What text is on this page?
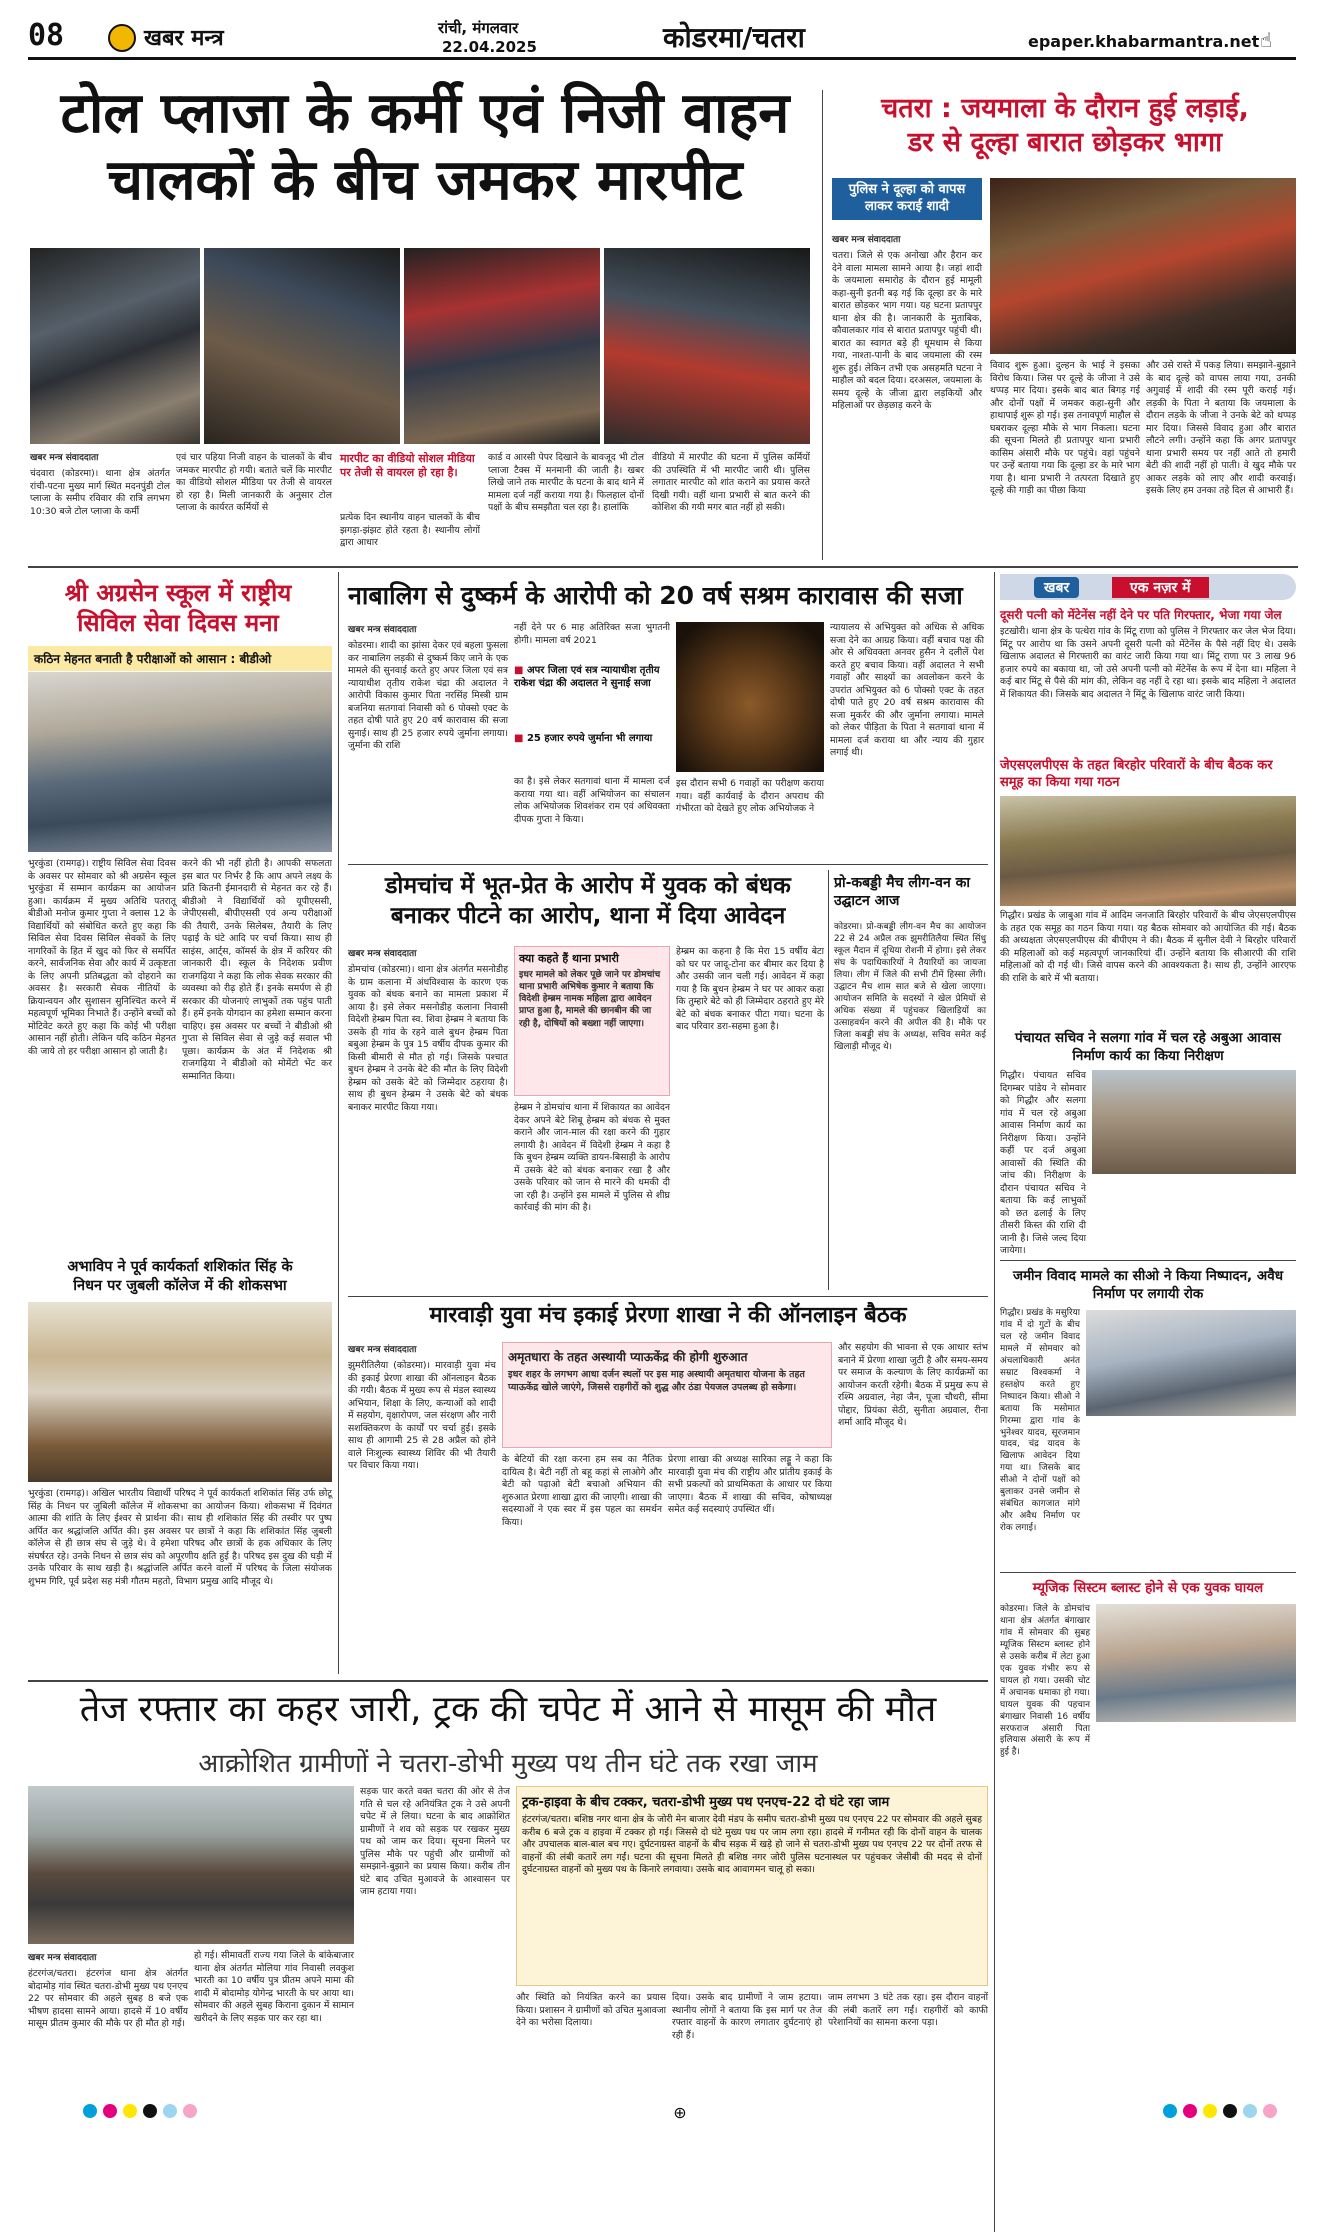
08	खबर मन्त्र	रांची, मंगलवार
22.04.2025	कोडरमा/चतरा	epaper.khabarmantra.net ☝
टोल प्लाजा के कर्मी एवं निजी वाहन
चालकों के बीच जमकर मारपीट
खबर मन्त्र संवाददाता

चंदवारा (कोडरमा)। थाना क्षेत्र अंतर्गत रांची-पटना मुख्य मार्ग स्थित मदनपुंडी टोल प्लाजा के समीप रविवार की रात्रि लगभग 10:30 बजे टोल प्लाजा के कर्मी

एवं चार पहिया निजी वाहन के चालकों के बीच जमकर मारपीट हो गयी। बताते चलें कि मारपीट का वीडियो सोशल मीडिया पर तेजी से वायरल हो रहा है। मिली जानकारी के अनुसार टोल प्लाजा के कार्यरत कर्मियों से

मारपीट का वीडियो सोशल मीडिया पर तेजी से वायरल हो रहा है।

प्रत्येक दिन स्थानीय वाहन चालकों के बीच झगड़ा-झंझट होते रहता है। स्थानीय लोगों द्वारा आधार

कार्ड व आरसी पेपर दिखाने के बावजूद भी टोल प्लाजा टैक्स में मनमानी की जाती है। खबर लिखे जाने तक मारपीट के घटना के बाद थाने में मामला दर्ज नहीं कराया गया है। फिलहाल दोनों पक्षों के बीच समझौता चल रहा है। हालांकि

वीडियो में मारपीट की घटना में पुलिस कर्मियों की उपस्थिति में भी मारपीट जारी थी। पुलिस लगातार मारपीट को शांत कराने का प्रयास करते दिखी गयी। वहीं थाना प्रभारी से बात करने की कोशिश की गयी मगर बात नहीं हो सकी।

चतरा : जयमाला के दौरान हुई लड़ाई,
डर से दूल्हा बारात छोड़कर भागा
पुलिस ने दूल्हा को वापस लाकर कराई शादी
खबर मन्त्र संवाददाता

चतरा। जिले से एक अनोखा और हैरान कर देने वाला मामला सामने आया है। जहां शादी के जयमाला समारोह के दौरान हुई मामूली कहा-सुनी इतनी बढ़ गई कि दूल्हा डर के मारे बारात छोड़कर भाग गया। यह घटना प्रतापपुर थाना क्षेत्र की है। जानकारी के मुताबिक, कौवालकार गांव से बारात प्रतापपुर पहुंची थी। बारात का स्वागत बड़े ही धूमधाम से किया गया, नाश्ता-पानी के बाद जयमाला की रस्म शुरू हुई। लेकिन तभी एक असहमति घटना ने माहौल को बदल दिया। दरअसल, जयमाला के समय दूल्हे के जीजा द्वारा लड़कियों और महिलाओं पर छेड़छाड़ करने के

विवाद शुरू हुआ। दुल्हन के भाई ने इसका विरोध किया। जिस पर दूल्हे के जीजा ने उसे थप्पड़ मार दिया। इसके बाद बात बिगड़ गई और दोनों पक्षों में जमकर कहा-सुनी और हाथापाई शुरू हो गई। इस तनावपूर्ण माहौल से घबराकर दूल्हा मौके से भाग निकला। घटना की सूचना मिलते ही प्रतापपुर थाना प्रभारी कासिम अंसारी मौके पर पहुंचे। वहां पहुंचने पर उन्हें बताया गया कि दूल्हा डर के मारे भाग गया है। थाना प्रभारी ने तत्परता दिखाते हुए दूल्हे की गाड़ी का पीछा किया

और उसे रास्ते में पकड़ लिया। समझाने-बुझाने के बाद दूल्हे को वापस लाया गया, उनकी अगुवाई में शादी की रस्म पूरी कराई गई। लड़की के पिता ने बताया कि जयमाला के दौरान लड़के के जीजा ने उनके बेटे को थप्पड़ मार दिया। जिससे विवाद हुआ और बारात लौटने लगी। उन्होंने कहा कि अगर प्रतापपुर थाना प्रभारी समय पर नहीं आते तो हमारी बेटी की शादी नहीं हो पाती। वे खुद मौके पर आकर लड़के को लाए और शादी करवाई। इसके लिए हम उनका तहे दिल से आभारी हैं।

श्री अग्रसेन स्कूल में राष्ट्रीय
सिविल सेवा दिवस मना
कठिन मेहनत बनाती है परीक्षाओं को आसान : बीडीओ

भुरकुंडा (रामगढ़)। राष्ट्रीय सिविल सेवा दिवस के अवसर पर सोमवार को श्री अग्रसेन स्कूल भुरकुंडा में सम्मान कार्यक्रम का आयोजन हुआ। कार्यक्रम में मुख्य अतिथि पतरातू बीडीओ मनोज कुमार गुप्ता ने क्लास 12 के विद्यार्थियों को संबोधित करते हुए कहा कि सिविल सेवा दिवस सिविल सेवकों के लिए नागरिकों के हित में खुद को फिर से समर्पित करने, सार्वजनिक सेवा और कार्य में उत्कृष्टता के लिए अपनी प्रतिबद्धता को दोहराने का अवसर है। सरकारी सेवक नीतियों के क्रियान्वयन और सुशासन सुनिश्चित करने में महत्वपूर्ण भूमिका निभाते हैं। उन्होंने बच्चों को मोटिवेट करते हुए कहा कि कोई भी परीक्षा आसान नहीं होती। लेकिन यदि कठिन मेहनत की जाये तो हर परीक्षा आसान हो जाती है।

करने की भी नहीं होती है। आपकी सफलता इस बात पर निर्भर है कि आप अपने लक्ष्य के प्रति कितनी ईमानदारी से मेहनत कर रहे हैं। बीडीओ ने विद्यार्थियों को यूपीएससी, जेपीएससी, बीपीएससी एवं अन्य परीक्षाओं की तैयारी, उनके सिलेबस, तैयारी के लिए पढ़ाई के घंटे आदि पर चर्चा किया। साथ ही साइंस, आर्ट्स, कॉमर्स के क्षेत्र में करियर की जानकारी दी। स्कूल के निदेशक प्रवीण राजगढ़िया ने कहा कि लोक सेवक सरकार की व्यवस्था को रीढ़ होते हैं। इनके समर्पण से ही सरकार की योजनाएं लाभुकों तक पहुंच पाती हैं। हमें इनके योगदान का हमेशा सम्मान करना चाहिए। इस अवसर पर बच्चों ने बीडीओ श्री गुप्ता से सिविल सेवा से जुड़े कई सवाल भी पूछा। कार्यक्रम के अंत में निदेशक श्री राजगढ़िया ने बीडीओ को मोमेंटो भेंट कर सम्मानित किया।

अभाविप ने पूर्व कार्यकर्ता शशिकांत सिंह के
निधन पर जुबली कॉलेज में की शोकसभा

भुरकुंडा (रामगढ़)। अखिल भारतीय विद्यार्थी परिषद ने पूर्व कार्यकर्ता शशिकांत सिंह उर्फ छोटू सिंह के निधन पर जुबिली कॉलेज में शोकसभा का आयोजन किया। शोकसभा में दिवंगत आत्मा की शांति के लिए ईश्वर से प्रार्थना की। साथ ही शशिकांत सिंह की तस्वीर पर पुष्प अर्पित कर श्रद्धांजलि अर्पित की। इस अवसर पर छात्रों ने कहा कि शशिकांत सिंह जुबली कॉलेज से ही छात्र संघ से जुड़े थे। वे हमेशा परिषद और छात्रों के हक अधिकार के लिए संघर्षरत रहे। उनके निधन से छात्र संघ को अपूरणीय क्षति हुई है। परिषद इस दुख की घड़ी में उनके परिवार के साथ खड़ी है। श्रद्धांजलि अर्पित करने वालों में परिषद के जिला संयोजक शुभम गिरि, पूर्व प्रदेश सह मंत्री गौतम महतो, विभाग प्रमुख आदि मौजूद थे।

नाबालिग से दुष्कर्म के आरोपी को 20 वर्ष सश्रम कारावास की सजा
खबर मन्त्र संवाददाता

कोडरमा। शादी का झांसा देकर एवं बहला फुसला कर नाबालिग लड़की से दुष्कर्म किए जाने के एक मामले की सुनवाई करते हुए अपर जिला एवं सत्र न्यायाधीश तृतीय राकेश चंद्रा की अदालत ने आरोपी विकास कुमार पिता नरसिंह मिस्त्री ग्राम बजनिया सतगावां निवासी को 6 पोक्सो एक्ट के तहत दोषी पाते हुए 20 वर्ष कारावास की सजा सुनाई। साथ ही 25 हजार रुपये जुर्माना लगाया। जुर्माना की राशि

नहीं देने पर 6 माह अतिरिक्त सजा भुगतनी होगी। मामला वर्ष 2021

■ अपर जिला एवं सत्र न्यायाधीश तृतीय राकेश चंद्रा की अदालत ने सुनाई सजा
■ 25 हजार रुपये जुर्माना भी लगाया

का है। इसे लेकर सतगावां थाना में मामला दर्ज कराया गया था। वहीं अभियोजन का संचालन लोक अभियोजक शिवशंकर राम एवं अधिवक्ता दीपक गुप्ता ने किया।

इस दौरान सभी 6 गवाहों का परीक्षण कराया गया। वहीं कार्यवाई के दौरान अपराध की गंभीरता को देखते हुए लोक अभियोजक ने

न्यायालय से अभियुक्त को अधिक से अधिक सजा देने का आग्रह किया। वहीं बचाव पक्ष की ओर से अधिवक्ता अनवर हुसैन ने दलीलें पेश करते हुए बचाव किया। वहीं अदालत ने सभी गवाहों और साक्ष्यों का अवलोकन करने के उपरांत अभियुक्त को 6 पोक्सो एक्ट के तहत दोषी पाते हुए 20 वर्ष सश्रम कारावास की सजा मुकर्रर की और जुर्माना लगाया। मामले को लेकर पीड़िता के पिता ने सतगावां थाना में मामला दर्ज कराया था और न्याय की गुहार लगाई थी।

डोमचांच में भूत-प्रेत के आरोप में युवक को बंधक
बनाकर पीटने का आरोप, थाना में दिया आवेदन
खबर मन्त्र संवाददाता

डोमचांच (कोडरमा)। थाना क्षेत्र अंतर्गत मसनोडीह के ग्राम कलाना में अंधविश्वास के कारण एक युवक को बंधक बनाने का मामला प्रकाश में आया है। इसे लेकर मसनोडीह कलाना निवासी विदेशी हेम्ब्रम पिता स्व. शिवा हेम्ब्रम ने बताया कि उसके ही गांव के रहने वाले बुधन हेम्ब्रम पिता बबुआ हेम्ब्रम के पुत्र 15 वर्षीय दीपक कुमार की किसी बीमारी से मौत हो गई। जिसके पश्चात बुधन हेम्ब्रम ने उनके बेटे की मौत के लिए विदेशी हेम्ब्रम को उसके बेटे को जिम्मेदार ठहराया है। साथ ही बुधन हेम्ब्रम ने उसके बेटे को बंधक बनाकर मारपीट किया गया।

क्या कहते हैं थाना प्रभारी
इधर मामले को लेकर पूछे जाने पर डोमचांच थाना प्रभारी अभिषेक कुमार ने बताया कि विदेशी हेम्ब्रम नामक महिला द्वारा आवेदन प्राप्त हुआ है, मामले की छानबीन की जा रही है, दोषियों को बख्शा नहीं जाएगा।

हेम्ब्रम ने डोमचांच थाना में शिकायत का आवेदन देकर अपने बेटे शिबू हेम्ब्रम को बंधक से मुक्त कराने और जान-माल की रक्षा करने की गुहार लगायी है। आवेदन में विदेशी हेम्ब्रम ने कहा है कि बुधन हेम्ब्रम व्यक्ति डायन-बिसाही के आरोप में उसके बेटे को बंधक बनाकर रखा है और उसके परिवार को जान से मारने की धमकी दी जा रही है। उन्होंने इस मामले में पुलिस से शीघ्र कार्रवाई की मांग की है।

हेम्ब्रम का कहना है कि मेरा 15 वर्षीय बेटा को घर पर जादू-टोना कर बीमार कर दिया है और उसकी जान चली गई। आवेदन में कहा गया है कि बुधन हेम्ब्रम ने घर पर आकर कहा कि तुम्हारे बेटे को ही जिम्मेदार ठहराते हुए मेरे बेटे को बंधक बनाकर पीटा गया। घटना के बाद परिवार डरा-सहमा हुआ है।

प्रो-कबड्डी मैच लीग-वन का उद्घाटन आज

कोडरमा। प्रो-कबड्डी लीग-वन मैच का आयोजन 22 से 24 अप्रैल तक झुमरीतिलैया स्थित सिंधु स्कूल मैदान में दूधिया रोशनी में होगा। इसे लेकर संघ के पदाधिकारियों ने तैयारियों का जायजा लिया। लीग में जिले की सभी टीमें हिस्सा लेंगी। उद्घाटन मैच शाम सात बजे से खेला जाएगा। आयोजन समिति के सदस्यों ने खेल प्रेमियों से अधिक संख्या में पहुंचकर खिलाड़ियों का उत्साहवर्धन करने की अपील की है। मौके पर जिला कबड्डी संघ के अध्यक्ष, सचिव समेत कई खिलाड़ी मौजूद थे।

मारवाड़ी युवा मंच इकाई प्रेरणा शाखा ने की ऑनलाइन बैठक
खबर मन्त्र संवाददाता

झुमरीतिलैया (कोडरमा)। मारवाड़ी युवा मंच की इकाई प्रेरणा शाखा की ऑनलाइन बैठक की गयी। बैठक में मुख्य रूप से मंडल स्वास्थ्य अभियान, शिक्षा के लिए, कन्याओं को शादी में सहयोग, वृक्षारोपण, जल संरक्षण और नारी सशक्तिकरण के कार्यों पर चर्चा हुई। इसके साथ ही आगामी 25 से 28 अप्रैल को होने वाले निःशुल्क स्वास्थ्य शिविर की भी तैयारी पर विचार किया गया।

अमृतधारा के तहत अस्थायी प्याऊकेंद्र की होगी शुरुआत
इधर शहर के लगभग आधा दर्जन स्थलों पर इस माह अस्थायी अमृतधारा योजना के तहत प्याऊकेंद्र खोले जाएंगे, जिससे राहगीरों को शुद्ध और ठंडा पेयजल उपलब्ध हो सकेगा।

के बेटियों की रक्षा करना हम सब का नैतिक दायित्व है। बेटी नहीं तो बहू कहां से लाओगे और बेटी को पढ़ाओ बेटी बचाओ अभियान की शुरुआत प्रेरणा शाखा द्वारा की जाएगी। शाखा की सदस्याओं ने एक स्वर में इस पहल का समर्थन किया।

प्रेरणा शाखा की अध्यक्ष सारिका लड्डू ने कहा कि मारवाड़ी युवा मंच की राष्ट्रीय और प्रांतीय इकाई के सभी प्रकल्पों को प्राथमिकता के आधार पर किया जाएगा। बैठक में शाखा की सचिव, कोषाध्यक्ष समेत कई सदस्याएं उपस्थित थीं।

और सहयोग की भावना से एक आधार स्तंभ बनाने में प्रेरणा शाखा जुटी है और समय-समय पर समाज के कल्याण के लिए कार्यक्रमों का आयोजन करती रहेगी। बैठक में प्रमुख रूप से रश्मि अग्रवाल, नेहा जैन, पूजा चौधरी, सीमा पोद्दार, प्रियंका सेठी, सुनीता अग्रवाल, रीना शर्मा आदि मौजूद थे।

खबर	एक नज़र में
दूसरी पत्नी को मेंटेनेंस नहीं देने पर पति गिरफ्तार, भेजा गया जेल

इटखोरी। थाना क्षेत्र के पत्थेरा गांव के मिंटू राणा को पुलिस ने गिरफ्तार कर जेल भेज दिया। मिंटू पर आरोप था कि उसने अपनी दूसरी पत्नी को मेंटेनेंस के पैसे नहीं दिए थे। उसके खिलाफ अदालत से गिरफ्तारी का वारंट जारी किया गया था। मिंटू राणा पर 3 लाख 96 हजार रुपये का बकाया था, जो उसे अपनी पत्नी को मेंटेनेंस के रूप में देना था। महिला ने कई बार मिंटू से पैसे की मांग की, लेकिन वह नहीं दे रहा था। इसके बाद महिला ने अदालत में शिकायत की। जिसके बाद अदालत ने मिंटू के खिलाफ वारंट जारी किया।

जेएसएलपीएस के तहत बिरहोर परिवारों के बीच बैठक कर समूह का किया गया गठन

गिद्धौर। प्रखंड के जाबुआ गांव में आदिम जनजाति बिरहोर परिवारों के बीच जेएसएलपीएस के तहत एक समूह का गठन किया गया। यह बैठक सोमवार को आयोजित की गई। बैठक की अध्यक्षता जेएसएलपीएस की बीपीएम ने की। बैठक में सुनील देवी ने बिरहोर परिवारों की महिलाओं को कई महत्वपूर्ण जानकारियां दीं। उन्होंने बताया कि सीआरपी की राशि महिलाओं को दी गई थी। जिसे वापस करने की आवश्यकता है। साथ ही, उन्होंने आरएफ की राशि के बारे में भी बताया।

पंचायत सचिव ने सलगा गांव में चल रहे अबुआ आवास निर्माण कार्य का किया निरीक्षण

गिद्धौर। पंचायत सचिव दिगम्बर पांडेय ने सोमवार को गिद्धौर और सलगा गांव में चल रहे अबुआ आवास निर्माण कार्य का निरीक्षण किया। उन्होंने कहीं पर दर्ज अबुआ आवासों की स्थिति की जांच की। निरीक्षण के दौरान पंचायत सचिव ने बताया कि कई लाभुकों को छत ढलाई के लिए तीसरी किस्त की राशि दी जानी है। जिसे जल्द दिया जायेगा।

जमीन विवाद मामले का सीओ ने किया निष्पादन, अवैध निर्माण पर लगायी रोक

गिद्धौर। प्रखंड के मसुरिया गांव में दो गुटों के बीच चल रहे जमीन विवाद मामले में सोमवार को अंचलाधिकारी अनंत सम्राट विश्वकर्मा ने हस्तक्षेप करते हुए निष्पादन किया। सीओ ने बताया कि मसोमात गिरम्मा द्वारा गांव के भुनेश्वर यादव, सूरजमान यादव, चंद्र यादव के खिलाफ आवेदन दिया गया था। जिसके बाद सीओ ने दोनों पक्षों को बुलाकर उनसे जमीन से संबंधित कागजात मांगे और अवैध निर्माण पर रोक लगाई।

म्यूजिक सिस्टम ब्लास्ट होने से एक युवक घायल

कोडरमा। जिले के डोमचांच थाना क्षेत्र अंतर्गत बंगाखार गांव में सोमवार की सुबह म्यूजिक सिस्टम ब्लास्ट होने से उसके करीब में लेटा हुआ एक युवक गंभीर रूप से घायल हो गया। उसकी चोट में अचानक धमाका हो गया। घायल युवक की पहचान बंगाखार निवासी 16 वर्षीय सरफराज अंसारी पिता इलियास अंसारी के रूप में हुई है।

तेज रफ्तार का कहर जारी, ट्रक की चपेट में आने से मासूम की मौत
आक्रोशित ग्रामीणों ने चतरा-डोभी मुख्य पथ तीन घंटे तक रखा जाम
खबर मन्त्र संवाददाता

हंटरगंज/चतरा। हंटरगंज थाना क्षेत्र अंतर्गत बोदामोड़ गांव स्थित चतरा-डोभी मुख्य पथ एनएच 22 पर सोमवार की अहले सुबह 8 बजे एक भीषण हादसा सामने आया। हादसे में 10 वर्षीय मासूम प्रीतम कुमार की मौके पर ही मौत हो गई।

हो गई। सीमावर्ती राज्य गया जिले के बांकेबाजार थाना क्षेत्र अंतर्गत मोलिया गांव निवासी लवकुश भारती का 10 वर्षीय पुत्र प्रीतम अपने मामा की शादी में बोदामोड़ योगेन्द्र भारती के घर आया था। सोमवार की अहले सुबह किराना दुकान में सामान खरीदने के लिए सड़क पार कर रहा था।

सड़क पार करते वक्त चतरा की ओर से तेज गति से चल रहे अनियंत्रित ट्रक ने उसे अपनी चपेट में ले लिया। घटना के बाद आक्रोशित ग्रामीणों ने शव को सड़क पर रखकर मुख्य पथ को जाम कर दिया। सूचना मिलने पर पुलिस मौके पर पहुंची और ग्रामीणों को समझाने-बुझाने का प्रयास किया। करीब तीन घंटे बाद उचित मुआवजे के आश्वासन पर जाम हटाया गया।

ट्रक-हाइवा के बीच टक्कर, चतरा-डोभी मुख्य पथ एनएच-22 दो घंटे रहा जाम
हंटरगंज/चतरा। बशिष्ठ नगर थाना क्षेत्र के जोरी मेन बाजार देवी मंडप के समीप चतरा-डोभी मुख्य पथ एनएच 22 पर सोमवार की अहले सुबह करीब 6 बजे ट्रक व हाइवा में टक्कर हो गई। जिससे दो घंटे मुख्य पथ पर जाम लगा रहा। हादसे में गनीमत रही कि दोनों वाहन के चालक और उपचालक बाल-बाल बच गए। दुर्घटनाग्रस्त वाहनों के बीच सड़क में खड़े हो जाने से चतरा-डोभी मुख्य पथ एनएच 22 पर दोनों तरफ से वाहनों की लंबी कतारें लग गईं। घटना की सूचना मिलते ही बशिष्ठ नगर जोरी पुलिस घटनास्थल पर पहुंचकर जेसीबी की मदद से दोनों दुर्घटनाग्रस्त वाहनों को मुख्य पथ के किनारे लगवाया। उसके बाद आवागमन चालू हो सका।

और स्थिति को नियंत्रित करने का प्रयास किया। प्रशासन ने ग्रामीणों को उचित मुआवजा देने का भरोसा दिलाया।

दिया। उसके बाद ग्रामीणों ने जाम हटाया। स्थानीय लोगों ने बताया कि इस मार्ग पर तेज रफ्तार वाहनों के कारण लगातार दुर्घटनाएं हो रही हैं।

जाम लगभग 3 घंटे तक रहा। इस दौरान वाहनों की लंबी कतारें लग गईं। राहगीरों को काफी परेशानियों का सामना करना पड़ा।

⊕
